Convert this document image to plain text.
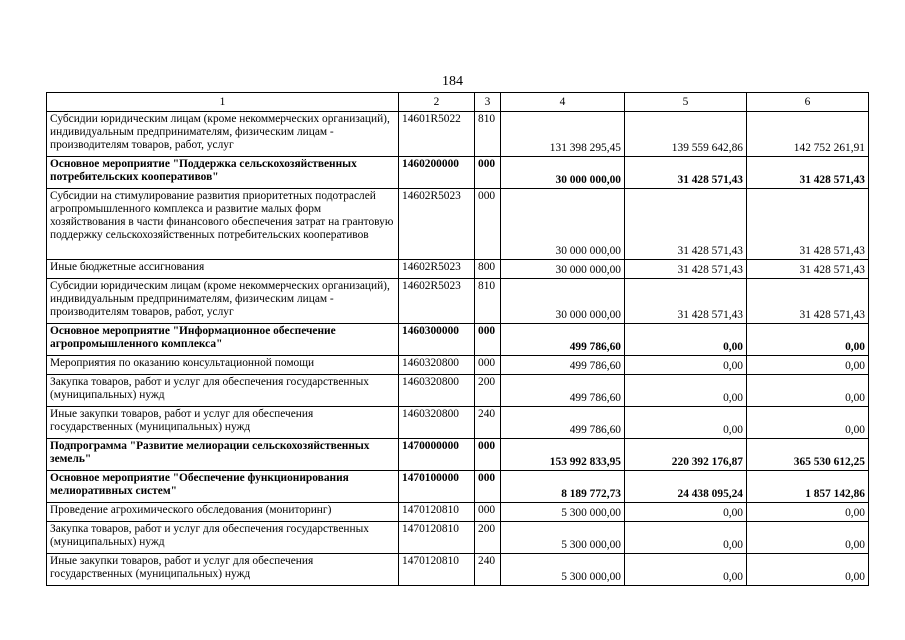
184
1	2	3	4	5	6
Субсидии юридическим лицам (кроме некоммерческих организаций), индивидуальным предпринимателям, физическим лицам - производителям товаров, работ, услуг	14601R5022	810	131 398 295,45	139 559 642,86	142 752 261,91
Основное мероприятие "Поддержка сельскохозяйственных потребительских кооперативов"	1460200000	000	30 000 000,00	31 428 571,43	31 428 571,43
Субсидии на стимулирование развития приоритетных подотраслей агропромышленного комплекса и развитие малых форм хозяйствования в части финансового обеспечения затрат на грантовую поддержку сельскохозяйственных потребительских кооперативов	14602R5023	000	30 000 000,00	31 428 571,43	31 428 571,43
Иные бюджетные ассигнования	14602R5023	800	30 000 000,00	31 428 571,43	31 428 571,43
Субсидии юридическим лицам (кроме некоммерческих организаций), индивидуальным предпринимателям, физическим лицам - производителям товаров, работ, услуг	14602R5023	810	30 000 000,00	31 428 571,43	31 428 571,43
Основное мероприятие "Информационное обеспечение агропромышленного комплекса"	1460300000	000	499 786,60	0,00	0,00
Мероприятия по оказанию консультационной помощи	1460320800	000	499 786,60	0,00	0,00
Закупка товаров, работ и услуг для обеспечения государственных (муниципальных) нужд	1460320800	200	499 786,60	0,00	0,00
Иные закупки товаров, работ и услуг для обеспечения государственных (муниципальных) нужд	1460320800	240	499 786,60	0,00	0,00
Подпрограмма "Развитие мелиорации сельскохозяйственных земель"	1470000000	000	153 992 833,95	220 392 176,87	365 530 612,25
Основное мероприятие "Обеспечение функционирования мелиоративных систем"	1470100000	000	8 189 772,73	24 438 095,24	1 857 142,86
Проведение агрохимического обследования (мониторинг)	1470120810	000	5 300 000,00	0,00	0,00
Закупка товаров, работ и услуг для обеспечения государственных (муниципальных) нужд	1470120810	200	5 300 000,00	0,00	0,00
Иные закупки товаров, работ и услуг для обеспечения государственных (муниципальных) нужд	1470120810	240	5 300 000,00	0,00	0,00
